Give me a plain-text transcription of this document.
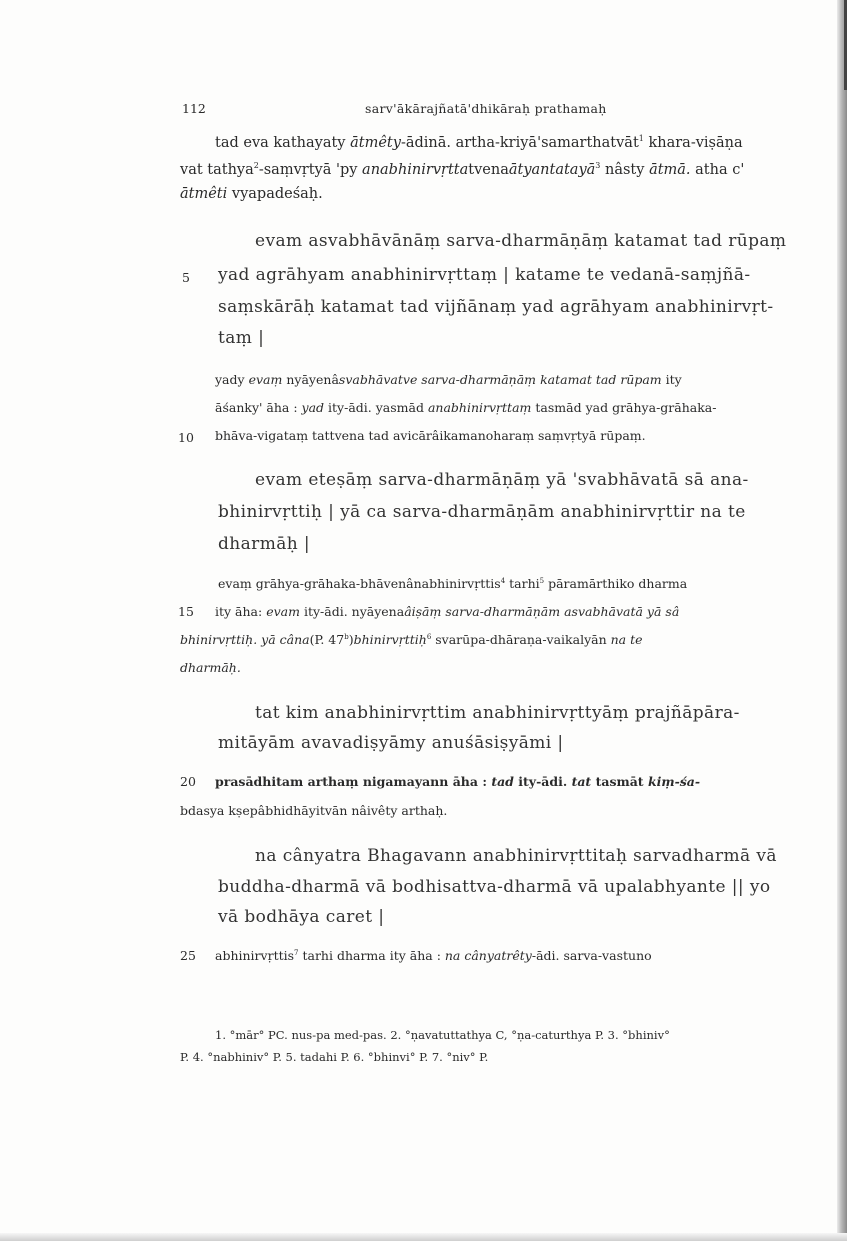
112	sarv'ākārajñatā'dhikāraḥ prathamaḥ
5
10
15
20
25
tad eva kathayaty ātmêty-ādinā. artha-kriyā'samarthatvāt$^1$ khara-viṣāṇa
vat tathya$^2$-saṃvṛtyā 'py anabhinirvṛttatvenaātyantatayā$^3$ nâsty ātmā. atha c'
ātmêti vyapadeśaḥ.
evam asvabhāvānāṃ sarva-dharmāṇāṃ katamat tad rūpaṃ
yad agrāhyam anabhinirvṛttaṃ | katame te vedanā-saṃjñā-
saṃskārāḥ katamat tad vijñānaṃ yad agrāhyam anabhinirvṛt-
taṃ |
yady evaṃ nyāyenâsvabhāvatve sarva-dharmāṇāṃ katamat tad rūpam ity
āśanky' āha : yad ity-ādi. yasmād anabhinirvṛttaṃ tasmād yad grāhya-grāhaka-
bhāva-vigataṃ tattvena tad avicārâikamanoharaṃ saṃvṛtyā rūpaṃ.
evam eteṣāṃ sarva-dharmāṇāṃ yā 'svabhāvatā sā ana-
bhinirvṛttiḥ | yā ca sarva-dharmāṇām anabhinirvṛttir na te
dharmāḥ |
evaṃ grāhya-grāhaka-bhāvenânabhinirvṛttis$^4$ tarhi$^5$ pāramārthiko dharma
ity āha: evam ity-ādi. nyāyenaâiṣāṃ sarva-dharmāṇām asvabhāvatā yā sâ
bhinirvṛttiḥ. yā câna(P. 47$^b$)bhinirvṛttiḥ$^6$ svarūpa-dhāraṇa-vaikalyān na te
dharmāḥ.
tat kim anabhinirvṛttim anabhinirvṛttyāṃ prajñāpāra-
mitāyām avavadiṣyāmy anuśāsiṣyāmi |
prasādhitam arthaṃ nigamayann āha : tad ity-ādi. tat tasmāt kiṃ-śa-
bdasya kṣepâbhidhāyitvān nâivêty arthaḥ.
na cânyatra Bhagavann anabhinirvṛttitaḥ sarvadharmā vā
buddha-dharmā vā bodhisattva-dharmā vā upalabhyante || yo
vā bodhāya caret |
abhinirvṛttis$^7$ tarhi dharma ity āha : na cânyatrêty-ādi. sarva-vastuno
1. °mār° PC. nus-pa med-pas. 2. °ṇavatuttathya C, °ṇa-caturthya P. 3. °bhiniv°
P. 4. °nabhiniv° P. 5. tadahi P. 6. °bhinvi° P. 7. °niv° P.
